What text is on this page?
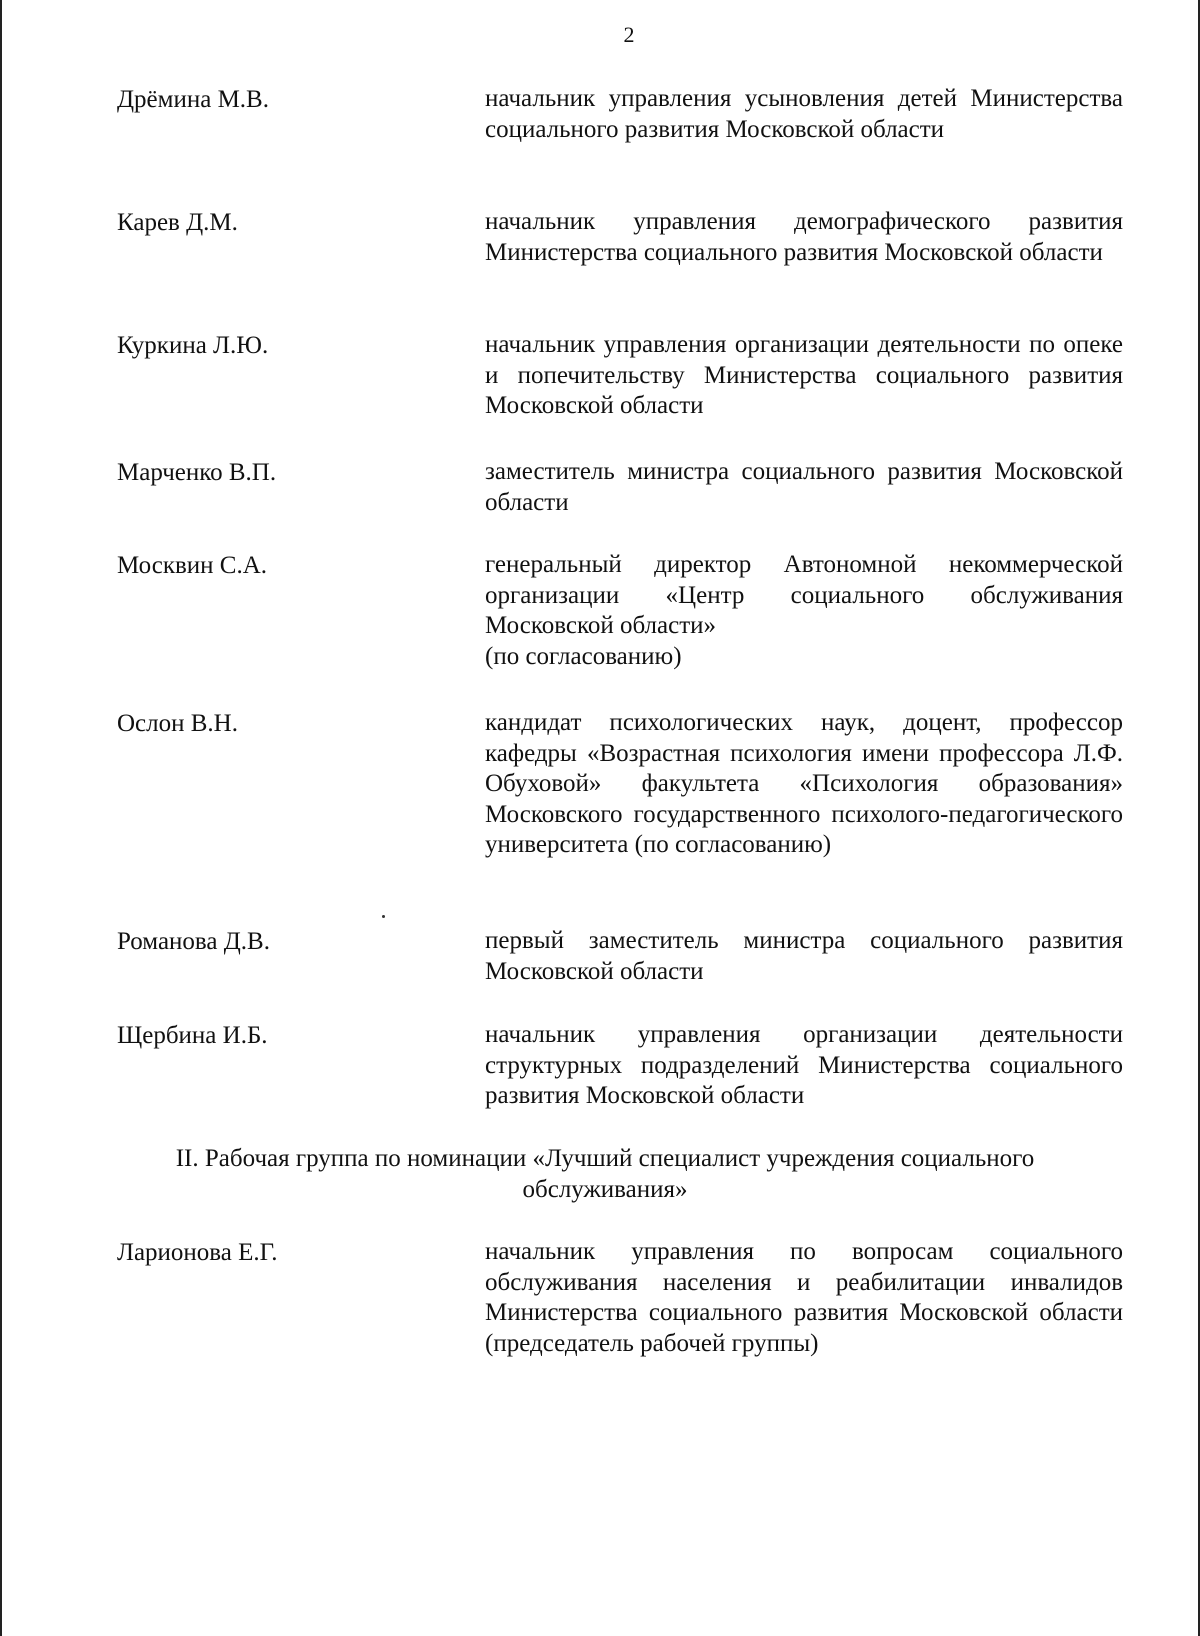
2
Дрёмина М.В.	начальник управления усыновления детей Министерства социального развития Московской области
Карев Д.М.	начальник управления демографического развития Министерства социального развития Московской области
Куркина Л.Ю.	начальник управления организации деятельности по опеке и попечительству Министерства социального развития Московской области
Марченко В.П.	заместитель министра социального развития Московской области
Москвин С.А.	генеральный директор Автономной некоммерческой организации «Центр социального обслуживания Московской области»
(по согласованию)
Ослон В.Н.	кандидат психологических наук, доцент, профессор кафедры «Возрастная психология имени профессора Л.Ф. Обуховой» факультета «Психология образования» Московского государственного психолого-педагогического университета (по согласованию)
Романова Д.В.	первый заместитель министра социального развития Московской области
Щербина И.Б.	начальник управления организации деятельности структурных подразделений Министерства социального развития Московской области
II. Рабочая группа по номинации «Лучший специалист учреждения социального
обслуживания»
Ларионова Е.Г.	начальник управления по вопросам социального обслуживания населения и реабилитации инвалидов Министерства социального развития Московской области (председатель рабочей группы)
